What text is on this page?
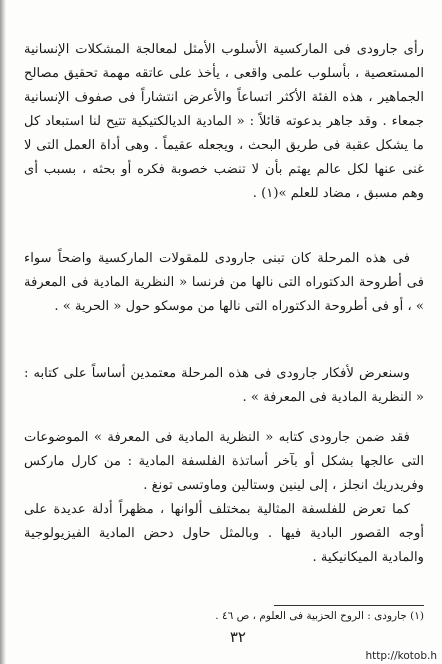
رأى جارودى فى الماركسية الأسلوب الأمثل لمعالجة المشكلات الإنسانية المستعصية ، بأسلوب علمى واقعى ، يأخذ على عاتقه مهمة تحقيق مصالح الجماهير ، هذه الفئة الأكثر اتساعاً والأعرض انتشاراً فى صفوف الإنسانية جمعاء . وقد جاهر بدعوته قائلاً : « المادية الديالكتيكية تتيح لنا استبعاد كل ما يشكل عقبة فى طريق البحث ، ويجعله عقيماً . وهى أداة العمل التى لا غنى عنها لكل عالم يهتم بأن لا تنضب خصوبة فكره أو بحثه ، بسبب أى وهم مسبق ، مضاد للعلم »(١) .

فى هذه المرحلة كان تبنى جارودى للمقولات الماركسية واضحاً سواء فى أطروحة الدكتوراه التى نالها من فرنسا « النظرية المادية فى المعرفة » ، أو فى أطروحة الدكتوراه التى نالها من موسكو حول « الحرية » .

وسنعرض لأفكار جارودى فى هذه المرحلة معتمدين أساساً على كتابه : « النظرية المادية فى المعرفة » .

فقد ضمن جارودى كتابه « النظرية المادية فى المعرفة » الموضوعات التى عالجها بشكل أو بآخر أساتذة الفلسفة المادية : من كارل ماركس وفريدريك انجلز ، إلى لينين وستالين وماوتسى تونغ .

كما تعرض للفلسفة المثالية بمختلف ألوانها ، مظهراً أدلة عديدة على أوجه القصور البادية فيها . وبالمثل حاول دحض المادية الفيزيولوجية والمادية الميكانيكية .

(١) جارودى : الروح الحزبية فى العلوم ، ص ٤٦ .
٣٢
http://kotob.h
